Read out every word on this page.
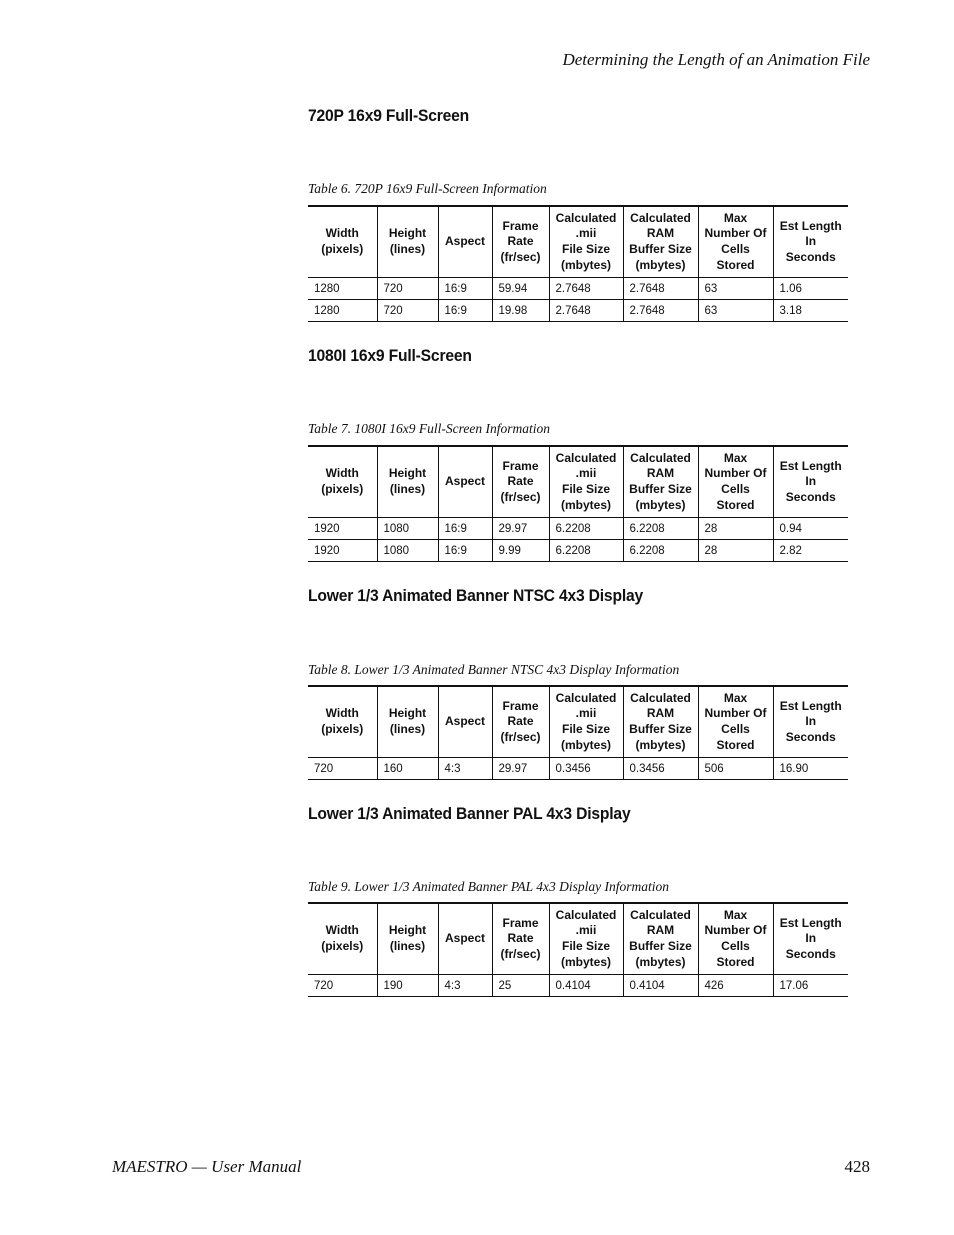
Determining the Length of an Animation File
720P 16x9 Full-Screen
Table 6. 720P 16x9 Full-Screen Information
Width
(pixels)	Height
(lines)	Aspect	Frame
Rate
(fr/sec)	Calculated
.mii
File Size
(mbytes)	Calculated
RAM
Buffer Size
(mbytes)	Max
Number Of
Cells
Stored	Est Length
In
Seconds

1280	720	16:9	59.94	2.7648	2.7648	63	1.06
1280	720	16:9	19.98	2.7648	2.7648	63	3.18
1080I 16x9 Full-Screen
Table 7. 1080I 16x9 Full-Screen Information
Width
(pixels)	Height
(lines)	Aspect	Frame
Rate
(fr/sec)	Calculated
.mii
File Size
(mbytes)	Calculated
RAM
Buffer Size
(mbytes)	Max
Number Of
Cells
Stored	Est Length
In
Seconds

1920	1080	16:9	29.97	6.2208	6.2208	28	0.94
1920	1080	16:9	9.99	6.2208	6.2208	28	2.82
Lower 1/3 Animated Banner NTSC 4x3 Display
Table 8. Lower 1/3 Animated Banner NTSC 4x3 Display Information
Width
(pixels)	Height
(lines)	Aspect	Frame
Rate
(fr/sec)	Calculated
.mii
File Size
(mbytes)	Calculated
RAM
Buffer Size
(mbytes)	Max
Number Of
Cells
Stored	Est Length
In
Seconds

720	160	4:3	29.97	0.3456	0.3456	506	16.90
Lower 1/3 Animated Banner PAL 4x3 Display
Table 9. Lower 1/3 Animated Banner PAL 4x3 Display Information
Width
(pixels)	Height
(lines)	Aspect	Frame
Rate
(fr/sec)	Calculated
.mii
File Size
(mbytes)	Calculated
RAM
Buffer Size
(mbytes)	Max
Number Of
Cells
Stored	Est Length
In
Seconds

720	190	4:3	25	0.4104	0.4104	426	17.06
MAESTRO — User Manual	428
